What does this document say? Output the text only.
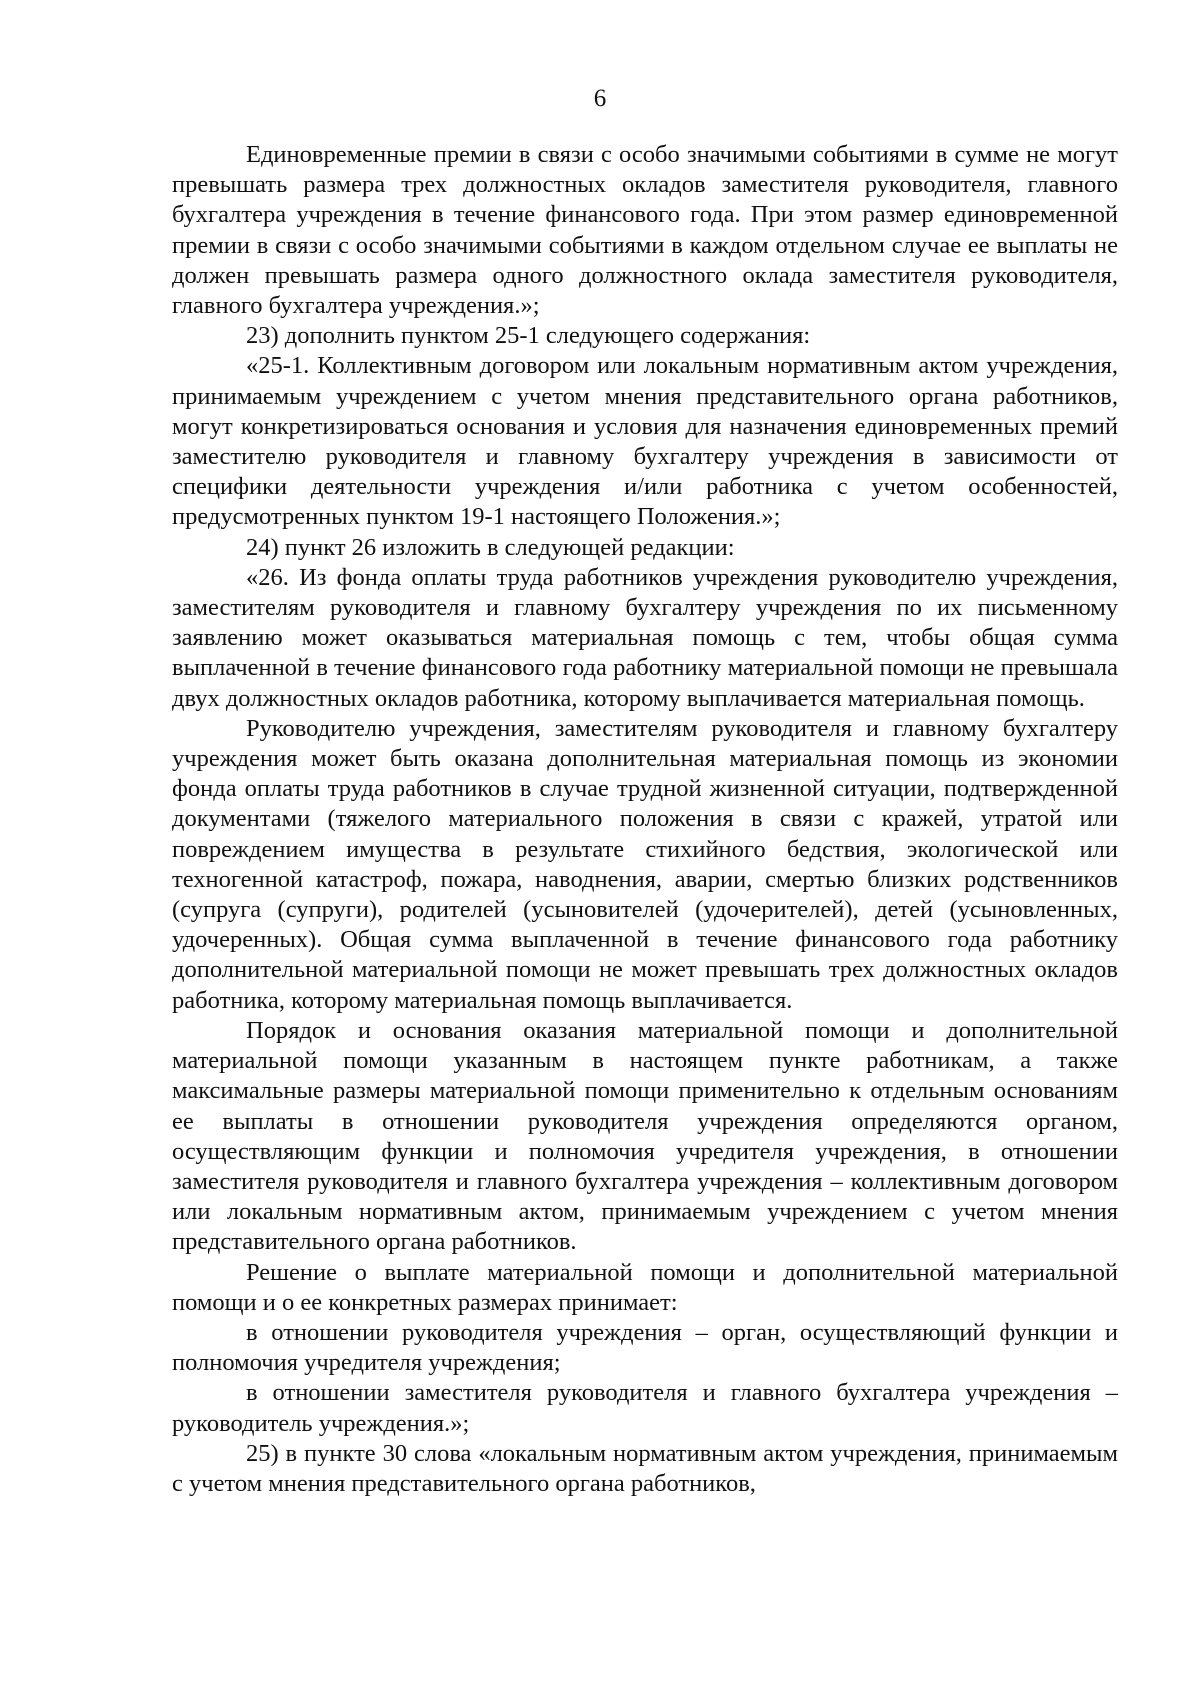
6

Единовременные премии в связи с особо значимыми событиями в сумме не могут превышать размера трех должностных окладов заместителя руководителя, главного бухгалтера учреждения в течение финансового года. При этом размер единовременной премии в связи с особо значимыми событиями в каждом отдельном случае ее выплаты не должен превышать размера одного должностного оклада заместителя руководителя, главного бухгалтера учреждения.»;

23) дополнить пунктом 25-1 следующего содержания:

«25-1. Коллективным договором или локальным нормативным актом учреждения, принимаемым учреждением с учетом мнения представительного органа работников, могут конкретизироваться основания и условия для назначения единовременных премий заместителю руководителя и главному бухгалтеру учреждения в зависимости от специфики деятельности учреждения и/или работника с учетом особенностей, предусмотренных пунктом 19-1 настоящего Положения.»;

24) пункт 26 изложить в следующей редакции:

«26. Из фонда оплаты труда работников учреждения руководителю учреждения, заместителям руководителя и главному бухгалтеру учреждения по их письменному заявлению может оказываться материальная помощь с тем, чтобы общая сумма выплаченной в течение финансового года работнику материальной помощи не превышала двух должностных окладов работника, которому выплачивается материальная помощь.

Руководителю учреждения, заместителям руководителя и главному бухгалтеру учреждения может быть оказана дополнительная материальная помощь из экономии фонда оплаты труда работников в случае трудной жизненной ситуации, подтвержденной документами (тяжелого материального положения в связи с кражей, утратой или повреждением имущества в результате стихийного бедствия, экологической или техногенной катастроф, пожара, наводнения, аварии, смертью близких родственников (супруга (супруги), родителей (усыновителей (удочерителей), детей (усыновленных, удочеренных). Общая сумма выплаченной в течение финансового года работнику дополнительной материальной помощи не может превышать трех должностных окладов работника, которому материальная помощь выплачивается.

Порядок и основания оказания материальной помощи и дополнительной материальной помощи указанным в настоящем пункте работникам, а также максимальные размеры материальной помощи применительно к отдельным основаниям ее выплаты в отношении руководителя учреждения определяются органом, осуществляющим функции и полномочия учредителя учреждения, в отношении заместителя руководителя и главного бухгалтера учреждения – коллективным договором или локальным нормативным актом, принимаемым учреждением с учетом мнения представительного органа работников.

Решение о выплате материальной помощи и дополнительной материальной помощи и о ее конкретных размерах принимает:

в отношении руководителя учреждения – орган, осуществляющий функции и полномочия учредителя учреждения;

в отношении заместителя руководителя и главного бухгалтера учреждения – руководитель учреждения.»;

25) в пункте 30 слова «локальным нормативным актом учреждения, принимаемым с учетом мнения представительного органа работников,
